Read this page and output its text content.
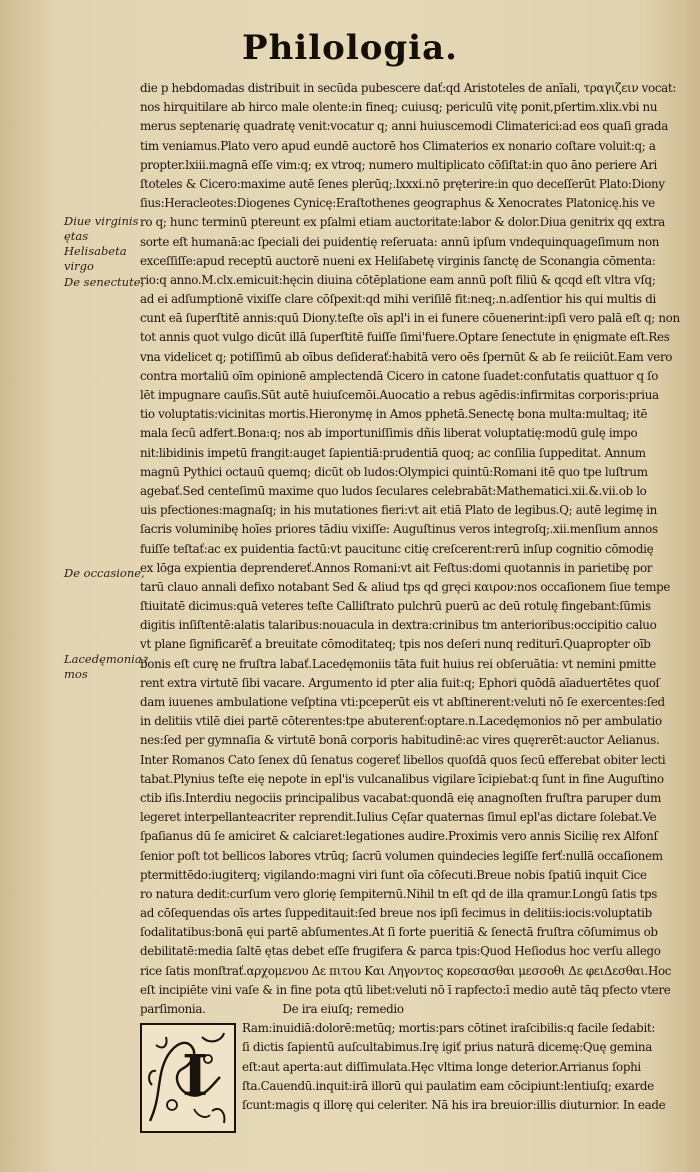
Philologia.
Diue virginis ętas Helisabeta virgo
De senectute,
De occasione,
Lacedęmoniaꝛ mos
die p hebdomadas distribuit in secūda pubescere dať:qd Aristoteles de anīali, τραγιζειν vocat:
nos hirquitilare ab hirco male olente:in fineq; cuiusq; periculū vitę ponit,pſertim.xlix.vbi nu
merus septenarię quadratę venit:vocatur q; anni huiuscemodi Climaterici:ad eos quaſi grada
tim veniamus.Plato vero apud eundē auctorē hos Climaterios ex nonario coſtare voluit:q; a
propter.lxiii.magnā eſſe vim:q; ex vtroq; numero multiplicato cōſiſtat:in quo āno periere Ari
ſtoteles & Cicero:maxime autē ſenes plerūq;.lxxxi.nō pręterire:in quo deceſſerūt Plato:Diony
ſius:Heracleotes:Diogenes Cynicę:Eraſtothenes geographus & Xenocrates Platonicę.his ve
ro q; hunc terminū ptereunt ex pſalmi etiam auctoritate:labor & dolor.Diua genitrix qq extra
sorte eſt humanā:ac ſpeciali dei puidentię reſeruata: annū ipſum vndequinquageſimum non
exceſſiſſe:apud receptū auctorē nueni ex Heliſabetę virginis ſanctę de Sconangia cōmenta:
rio:q anno.M.clx.emicuit:hęcin diuina cōtēplatione eam annū poſt filiū & qcqd eſt vltra vſq;
ad ei adſumptionē vixiſſe clare cōſpexit:qd mihi veriſilē fit:neq;.n.adſentior his qui multis di
cunt eā ſuperſtitē annis:quū Diony.teſte oīs apl'i in ei funere cōuenerint:ipſi vero palā eſt q; non
tot annis quot vulgo dicūt illā ſuperſtitē fuiſſe ſimi'fuere.Optare ſenectute in ęnigmate eſt.Res
vna videlicet q; potiſſimū ab oībus deſiderať:habitā vero oēs ſpernūt & ab ſe reiiciūt.Eam vero
contra mortaliū oīm opinionē amplectendā Cicero in catone ſuadet:confutatis quattuor q ſo
lēt impugnare cauſis.Sūt autē huiuſcemōi.Auocatio a rebus agēdis:infirmitas corporis:priua
tio voluptatis:vicinitas mortis.Hieronymę in Amos pphetā.Senectę bona multa:multaq; itē
mala ſecū adfert.Bona:q; nos ab importuniſſimis dñis liberat voluptatię:modū gulę impo
nit:libidinis impetū frangit:auget ſapientiā:prudentiā quoq; ac conſilia ſuppeditat. Annum
magnū Pythici octauū quemq; dicūt ob ludos:Olympici quintū:Romani itē quo tpe luſtrum
agebať.Sed centeſimū maxime quo ludos ſeculares celebrabāt:Mathematici.xii.&.vii.ob lo
uis pfectiones:magnaſq; in his mutationes fieri:vt ait etiā Plato de legibus.Q; autē legimę in
ſacris voluminibę hoīes priores tādiu vixiſſe: Auguſtinus veros integroſq;.xii.menſium annos
fuiſſe teſtať:ac ex puidentia factū:vt paucitunc citię creſcerent:rerū inſup cognitio cōmodię
ex lōga expientia deprendereť.Annos Romani:vt ait Feſtus:domi quotannis in parietibę por
tarū clauo annali defixo notabant Sed & aliud tps qd gręci καιρον:nos occaſionem ſiue tempe
ſtiuitatē dicimus:quā veteres teſte Calliſtrato pulchrū puerū ac deū rotulę fingebant:ſūmis
digitis inſiſtentē:alatis talaribus:nouacula in dextra:crinibus tm anterioribus:occipitio caluo
vt plane ſignificarēť a breuitate cōmoditateq; tpis nos deſeri nunq rediturī.Quapropter oīb
bonis eſt curę ne fruſtra labať.Lacedęmoniis tāta fuit huius rei obſeruātia: vt nemini pmitte
rent extra virtutē ſibi vacare. Argumento id pter alia fuit:q; Ephori quōdā aīaduertētes quoſ
dam iuuenes ambulatione veſptina vti:pceperūt eis vt abſtinerent:veluti nō ſe exercentes:ſed
in delitiis vtilē diei partē cōterentes:tpe abuterenť:optare.n.Lacedęmonios nō per ambulatio
nes:ſed per gymnaſia & virtutē bonā corporis habitudinē:ac vires quęrerēt:auctor Aelianus.
Inter Romanos Cato ſenex dū ſenatus cogereť libellos quoſdā quos ſecū efferebat obiter lecti
tabat.Plynius teſte eię nepote in epl'is vulcanalibus vigilare īcipiebat:q ſunt in fine Auguſtino
ctib iſis.Interdiu negociis principalibus vacabat:quondā eię anagnoſten fruſtra paruper dum
legeret interpellanteacriter reprendit.Iulius Cęſar quaternas ſimul epl'as dictare ſolebat.Ve
ſpaſianus dū ſe amiciret & calciaret:legationes audire.Proximis vero annis Sicilię rex Alfonſ
ſenior poſt tot bellicos labores vtrūq; ſacrū volumen quindecies legiſſe ferť:nullā occaſionem
ptermittēdo:iugiterq; vigilando:magni viri ſunt oīa cōſecuti.Breue nobis ſpatiū inquit Cice
ro natura dedit:curſum vero glorię ſempiternū.Nihil tn eſt qd de illa qramur.Longū ſatis tps
ad cōſequendas oīs artes ſuppeditauit:ſed breue nos ipſi fecimus in delitiis:iocis:voluptatib
ſodalitatibus:bonā ęui partē abſumentes.At ſi forte pueritiā & ſenectā fruſtra cōſumimus ob
debilitatē:media ſaltē ętas debet eſſe frugifera & parca tpis:Quod Heſiodus hoc verſu allego
rice ſatis monſtrať.αρχομενου Δε πιτου Και Ληγοντος κορεσασθαι μεσσοθι Δε φειΔεσθαι.Hoc
eſt incipiēte vini vaſe & in fine pota qtū libet:veluti nō ī rapfecto:ī medio autē tāq pfecto vtere
parſimonia.	De ira eiuſq; remedio
I
Ram:inuidiā:dolorē:metūq; mortis:pars cōtinet iraſcibilis:q facile ſedabit:
ſi dictis ſapientū auſcultabimus.Irę igiť prius naturā dicemę:Quę gemina
eſt:aut aperta:aut diſſimulata.Hęc vltima longe deterior.Arrianus ſophi
ſta.Cauendū.inquit:irā illorū qui paulatim eam cōcipiunt:lentiuſq; exarde
ſcunt:magis q illorę qui celeriter. Nā his ira breuior:illis diuturnior. In eade
